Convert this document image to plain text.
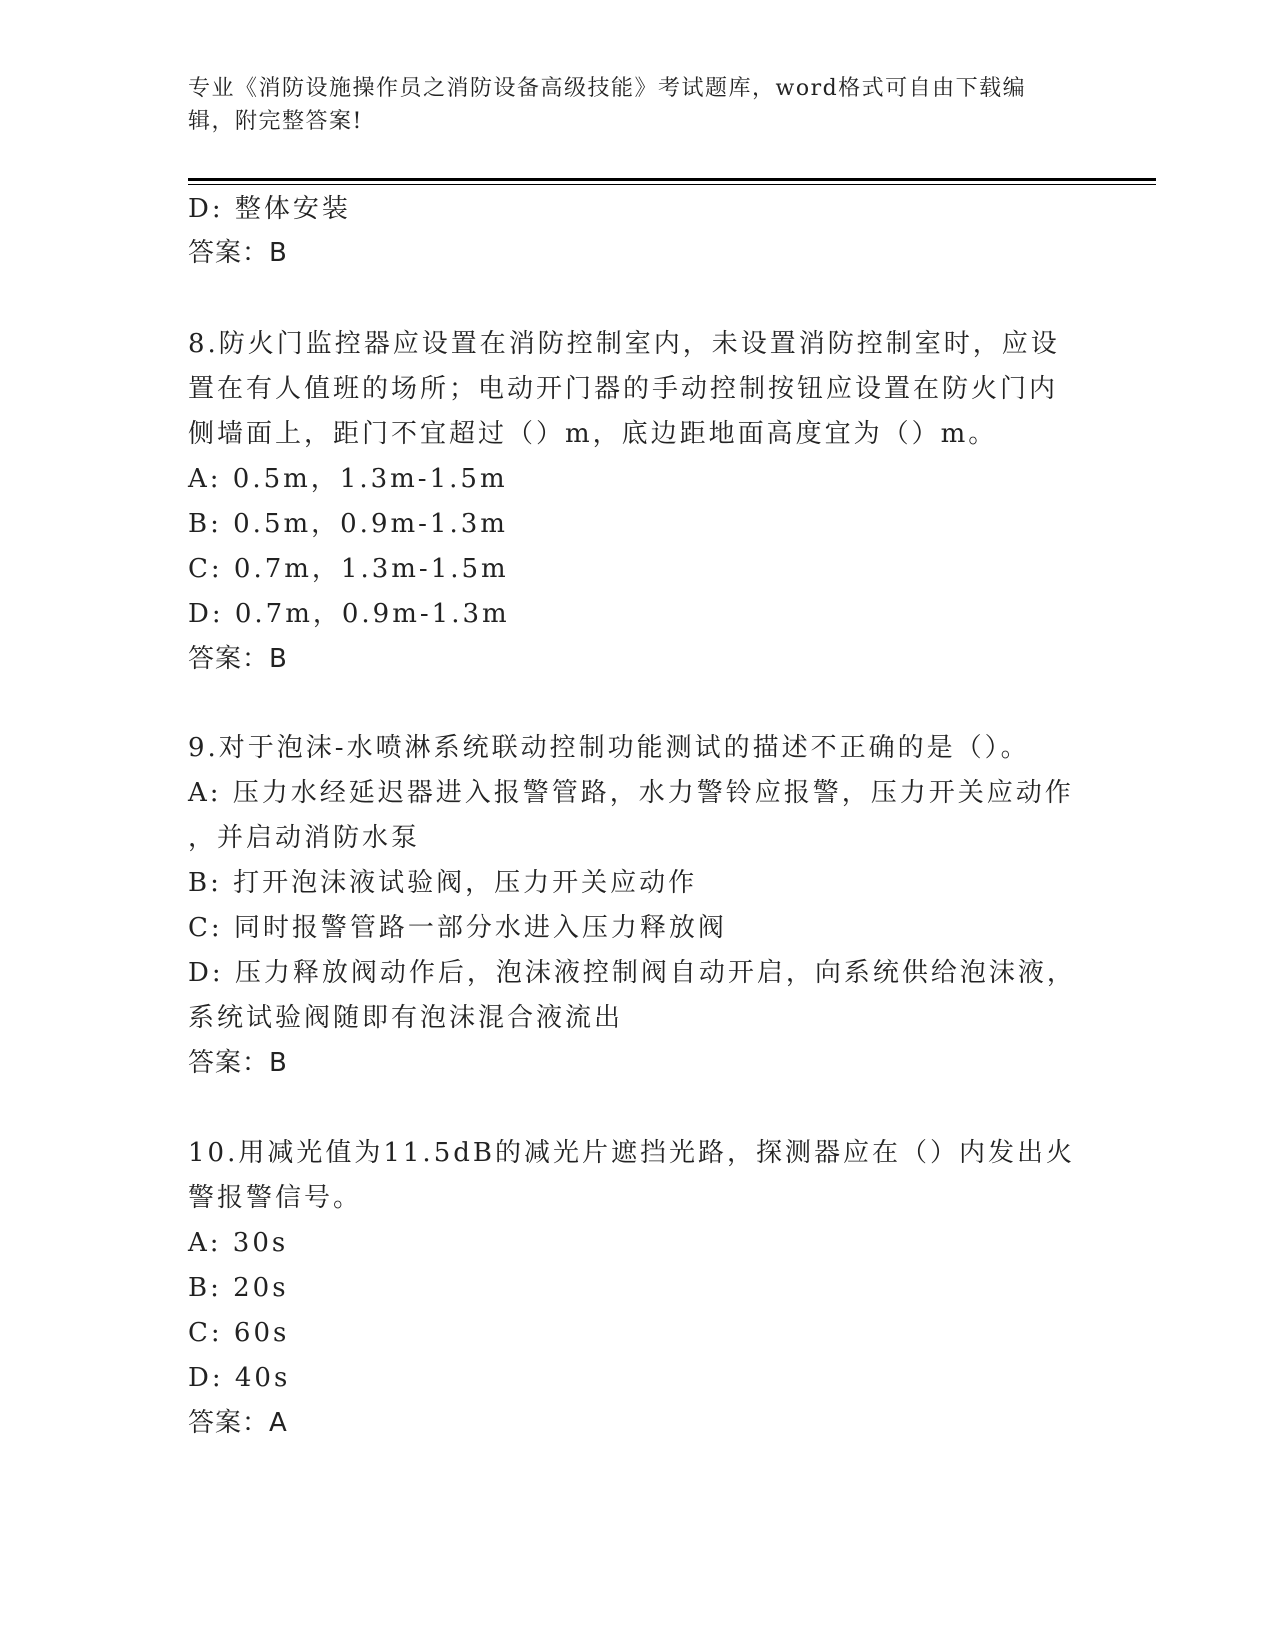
专业《消防设施操作员之消防设备高级技能》考试题库，word格式可自由下载编
辑，附完整答案!
D: 整体安装
答案：B
8.防火门监控器应设置在消防控制室内，未设置消防控制室时，应设
置在有人值班的场所；电动开门器的手动控制按钮应设置在防火门内
侧墙面上，距门不宜超过（）m，底边距地面高度宜为（）m。
A: 0.5m，1.3m-1.5m
B: 0.5m，0.9m-1.3m
C: 0.7m，1.3m-1.5m
D: 0.7m，0.9m-1.3m
答案：B
9.对于泡沫-水喷淋系统联动控制功能测试的描述不正确的是（）。
A: 压力水经延迟器进入报警管路，水力警铃应报警，压力开关应动作
，并启动消防水泵
B: 打开泡沫液试验阀，压力开关应动作
C: 同时报警管路一部分水进入压力释放阀
D: 压力释放阀动作后，泡沫液控制阀自动开启，向系统供给泡沫液，
系统试验阀随即有泡沫混合液流出
答案：B
10.用减光值为11.5dB的减光片遮挡光路，探测器应在（）内发出火
警报警信号。
A: 30s
B: 20s
C: 60s
D: 40s
答案：A
